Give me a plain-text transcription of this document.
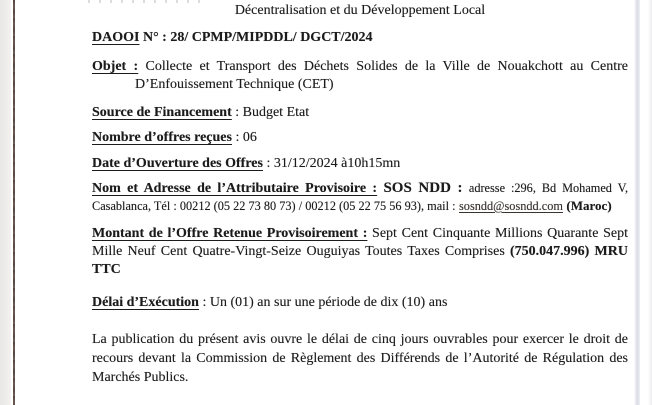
Décentralisation et du Développement Local
DAOOI N° : 28/ CPMP/MIPDDL/ DGCT/2024
Objet : Collecte et Transport des Déchets Solides de la Ville de Nouakchott au Centre D’Enfouissement Technique (CET)
Source de Financement : Budget Etat
Nombre d’offres reçues : 06
Date d’Ouverture des Offres : 31/12/2024 à10h15mn
Nom et Adresse de l’Attributaire Provisoire : SOS NDD : adresse :296, Bd Mohamed V, Casablanca, Tél : 00212 (05 22 73 80 73) / 00212 (05 22 75 56 93), mail : sosndd@sosndd.com (Maroc)
Montant de l’Offre Retenue Provisoirement : Sept Cent Cinquante Millions Quarante Sept Mille Neuf Cent Quatre-Vingt-Seize Ouguiyas Toutes Taxes Comprises (750.047.996) MRU TTC
Délai d’Exécution : Un (01) an sur une période de dix (10) ans
La publication du présent avis ouvre le délai de cinq jours ouvrables pour exercer le droit de recours devant la Commission de Règlement des Différends de l’Autorité de Régulation des Marchés Publics.
